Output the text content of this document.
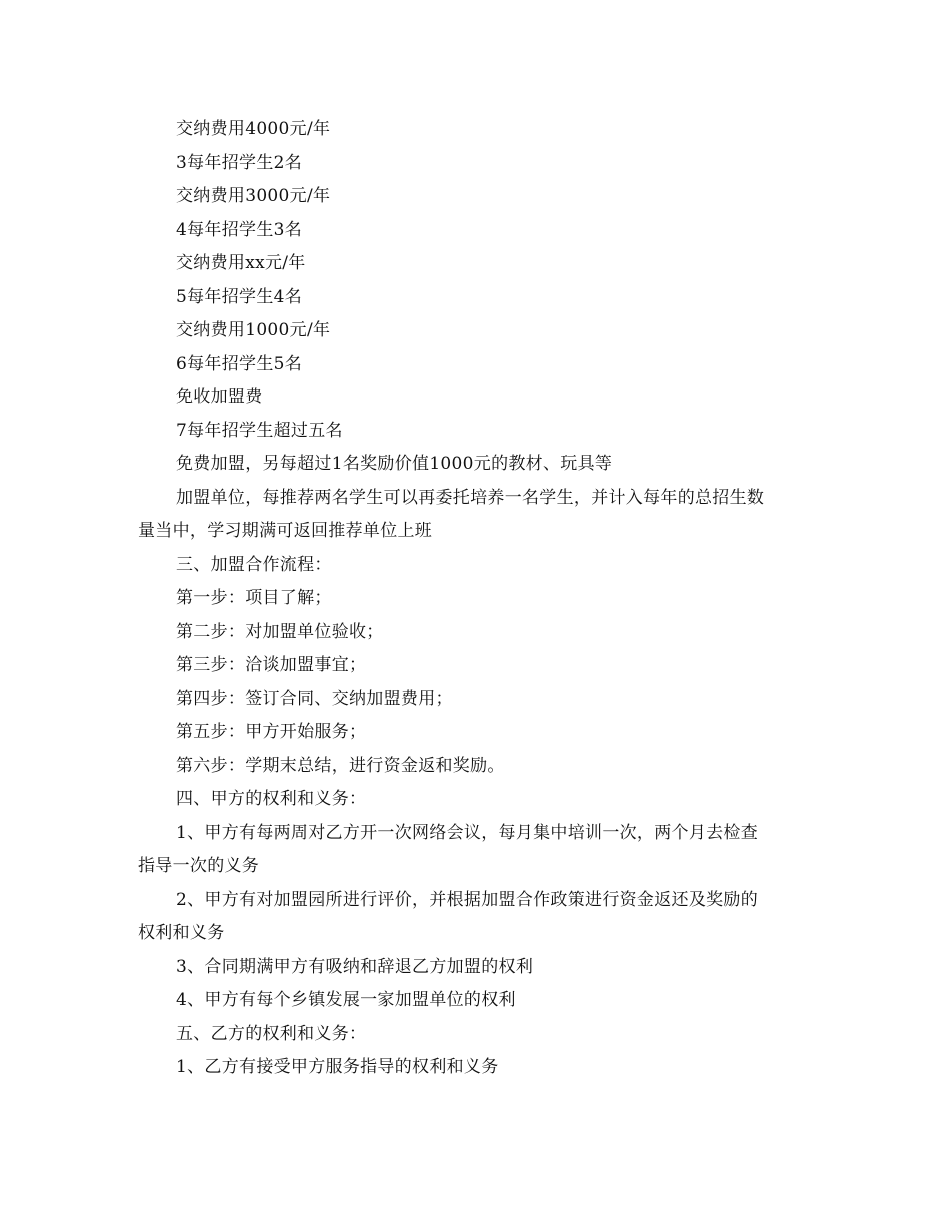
交纳费用4000元/年
3每年招学生2名
交纳费用3000元/年
4每年招学生3名
交纳费用xx元/年
5每年招学生4名
交纳费用1000元/年
6每年招学生5名
免收加盟费
7每年招学生超过五名
免费加盟，另每超过1名奖励价值1000元的教材、玩具等
加盟单位，每推荐两名学生可以再委托培养一名学生，并计入每年的总招生数
量当中，学习期满可返回推荐单位上班
三、加盟合作流程：
第一步：项目了解；
第二步：对加盟单位验收；
第三步：洽谈加盟事宜；
第四步：签订合同、交纳加盟费用；
第五步：甲方开始服务；
第六步：学期末总结，进行资金返和奖励。
四、甲方的权利和义务：
1、甲方有每两周对乙方开一次网络会议，每月集中培训一次，两个月去检查
指导一次的义务
2、甲方有对加盟园所进行评价，并根据加盟合作政策进行资金返还及奖励的
权利和义务
3、合同期满甲方有吸纳和辞退乙方加盟的权利
4、甲方有每个乡镇发展一家加盟单位的权利
五、乙方的权利和义务：
1、乙方有接受甲方服务指导的权利和义务
